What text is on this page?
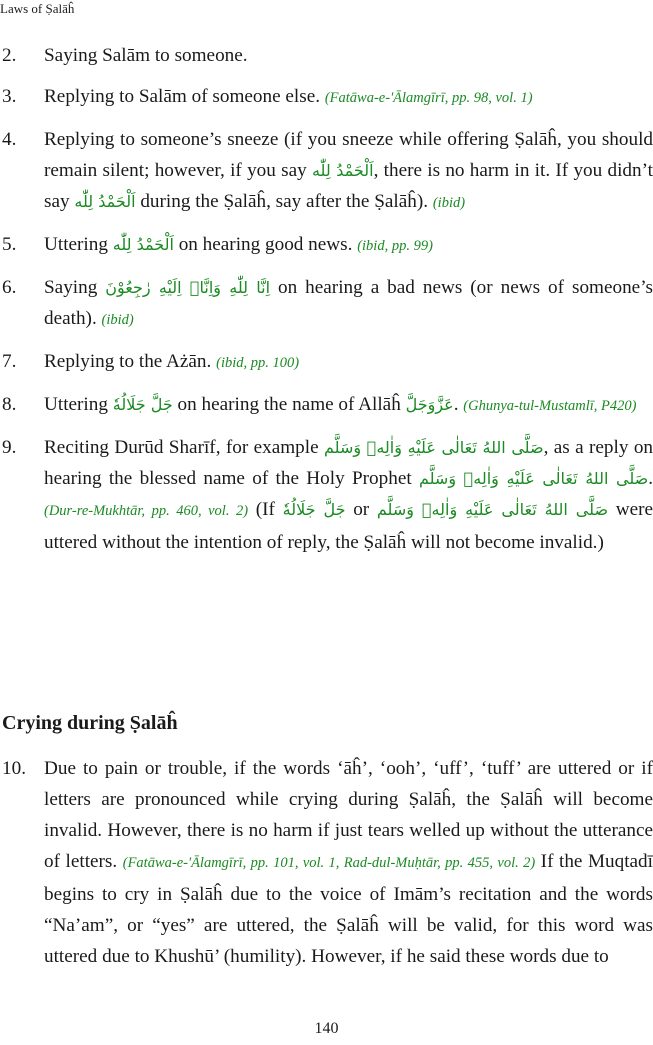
Laws of Ṣalāĥ
2. Saying Salām to someone.
3. Replying to Salām of someone else. (Fatāwa-e-'Ālamgīrī, pp. 98, vol. 1)
4. Replying to someone’s sneeze (if you sneeze while offering Ṣalāĥ, you should remain silent; however, if you say اَلْحَمْدُ لِلّٰه, there is no harm in it. If you didn’t say اَلْحَمْدُ لِلّٰه during the Ṣalāĥ, say after the Ṣalāĥ). (ibid)
5. Uttering اَلْحَمْدُ لِلّٰه on hearing good news. (ibid, pp. 99)
6. Saying اِنَّا لِلّٰهِ وَاِنَّاۤ اِلَيْهِ رٰجِعُوْنَ on hearing a bad news (or news of someone’s death). (ibid)
7. Replying to the Ażān. (ibid, pp. 100)
8. Uttering جَلَّ جَلَالُهٗ on hearing the name of Allāĥ عَزَّوَجَلَّ. (Ghunya-tul-Mustamlī, P420)
9. Reciting Durūd Sharīf, for example صَلَّى اللهُ تَعَالٰى عَلَيْهِ وَاٰلِهٖ وَسَلَّم, as a reply on hearing the blessed name of the Holy Prophet صَلَّى اللهُ تَعَالٰى عَلَيْهِ وَاٰلِهٖ وَسَلَّم. (Dur-re-Mukhtār, pp. 460, vol. 2) (If جَلَّ جَلَالُهٗ or صَلَّى اللهُ تَعَالٰى عَلَيْهِ وَاٰلِهٖ وَسَلَّم were uttered without the intention of reply, the Ṣalāĥ will not become invalid.)
Crying during Ṣalāĥ
10. Due to pain or trouble, if the words ‘āĥ’, ‘ooh’, ‘uff’, ‘tuff’ are uttered or if letters are pronounced while crying during Ṣalāĥ, the Ṣalāĥ will become invalid. However, there is no harm if just tears welled up without the utterance of letters. (Fatāwa-e-'Ālamgīrī, pp. 101, vol. 1, Rad-dul-Muḥtār, pp. 455, vol. 2) If the Muqtadī begins to cry in Ṣalāĥ due to the voice of Imām’s recitation and the words “Na’am”, or “yes” are uttered, the Ṣalāĥ will be valid, for this word was uttered due to Khushū’ (humility). However, if he said these words due to
140
